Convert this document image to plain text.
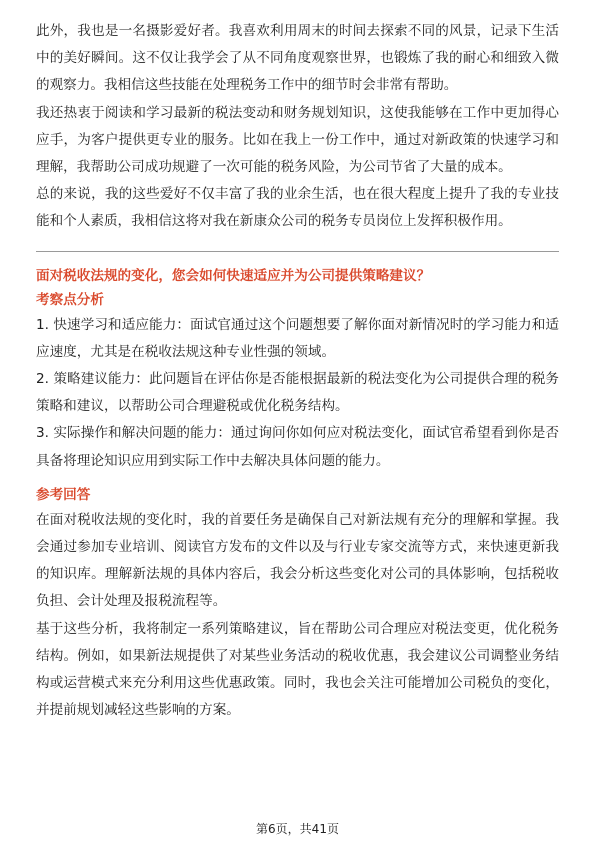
此外，我也是一名摄影爱好者。我喜欢利用周末的时间去探索不同的风景，记录下生活中的美好瞬间。这不仅让我学会了从不同角度观察世界，也锻炼了我的耐心和细致入微的观察力。我相信这些技能在处理税务工作中的细节时会非常有帮助。

我还热衷于阅读和学习最新的税法变动和财务规划知识，这使我能够在工作中更加得心应手，为客户提供更专业的服务。比如在我上一份工作中，通过对新政策的快速学习和理解，我帮助公司成功规避了一次可能的税务风险，为公司节省了大量的成本。

总的来说，我的这些爱好不仅丰富了我的业余生活，也在很大程度上提升了我的专业技能和个人素质，我相信这将对我在新康众公司的税务专员岗位上发挥积极作用。

面对税收法规的变化，您会如何快速适应并为公司提供策略建议？
考察点分析

1. 快速学习和适应能力：面试官通过这个问题想要了解你面对新情况时的学习能力和适应速度，尤其是在税收法规这种专业性强的领域。

2. 策略建议能力：此问题旨在评估你是否能根据最新的税法变化为公司提供合理的税务策略和建议，以帮助公司合理避税或优化税务结构。

3. 实际操作和解决问题的能力：通过询问你如何应对税法变化，面试官希望看到你是否具备将理论知识应用到实际工作中去解决具体问题的能力。

参考回答

在面对税收法规的变化时，我的首要任务是确保自己对新法规有充分的理解和掌握。我会通过参加专业培训、阅读官方发布的文件以及与行业专家交流等方式，来快速更新我的知识库。理解新法规的具体内容后，我会分析这些变化对公司的具体影响，包括税收负担、会计处理及报税流程等。

基于这些分析，我将制定一系列策略建议，旨在帮助公司合理应对税法变更，优化税务结构。例如，如果新法规提供了对某些业务活动的税收优惠，我会建议公司调整业务结构或运营模式来充分利用这些优惠政策。同时，我也会关注可能增加公司税负的变化，并提前规划减轻这些影响的方案。

第6页，共41页
